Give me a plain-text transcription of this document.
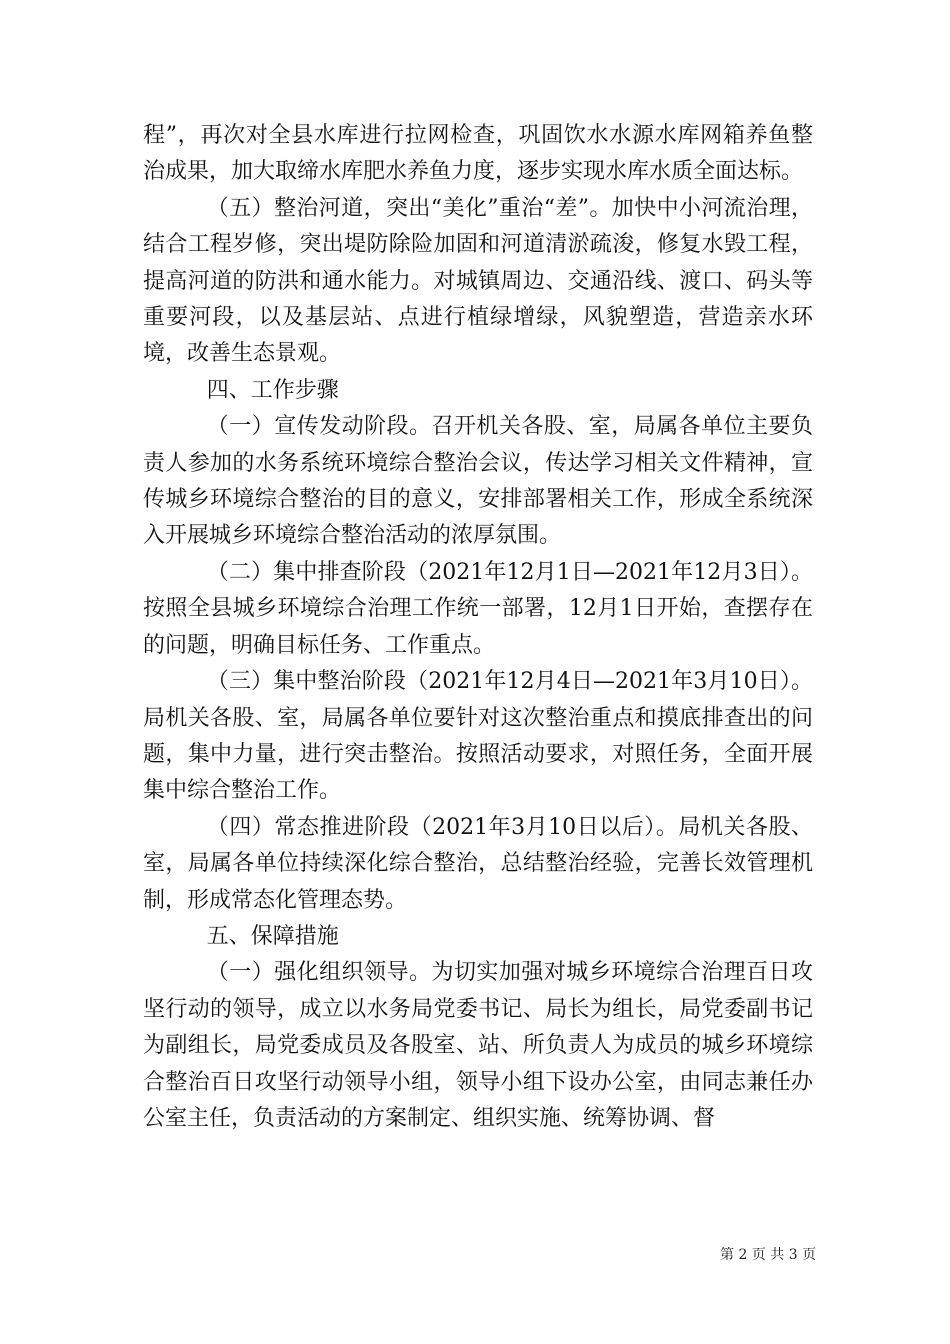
程”，再次对全县水库进行拉网检查，巩固饮水水源水库网箱养鱼整治成果，加大取缔水库肥水养鱼力度，逐步实现水库水质全面达标。

（五）整治河道，突出“美化”重治“差”。加快中小河流治理，结合工程岁修，突出堤防除险加固和河道清淤疏浚，修复水毁工程，提高河道的防洪和通水能力。对城镇周边、交通沿线、渡口、码头等重要河段，以及基层站、点进行植绿增绿，风貌塑造，营造亲水环境，改善生态景观。

四、工作步骤

（一）宣传发动阶段。召开机关各股、室，局属各单位主要负责人参加的水务系统环境综合整治会议，传达学习相关文件精神，宣传城乡环境综合整治的目的意义，安排部署相关工作，形成全系统深入开展城乡环境综合整治活动的浓厚氛围。

（二）集中排查阶段（2021年12月1日—2021年12月3日）。按照全县城乡环境综合治理工作统一部署，12月1日开始，查摆存在的问题，明确目标任务、工作重点。

（三）集中整治阶段（2021年12月4日—2021年3月10日）。局机关各股、室，局属各单位要针对这次整治重点和摸底排查出的问题，集中力量，进行突击整治。按照活动要求，对照任务，全面开展集中综合整治工作。

（四）常态推进阶段（2021年3月10日以后）。局机关各股、室，局属各单位持续深化综合整治，总结整治经验，完善长效管理机制，形成常态化管理态势。

五、保障措施

（一）强化组织领导。为切实加强对城乡环境综合治理百日攻坚行动的领导，成立以水务局党委书记、局长为组长，局党委副书记为副组长，局党委成员及各股室、站、所负责人为成员的城乡环境综合整治百日攻坚行动领导小组，领导小组下设办公室，由同志兼任办公室主任，负责活动的方案制定、组织实施、统筹协调、督

第 2 页 共 3 页
